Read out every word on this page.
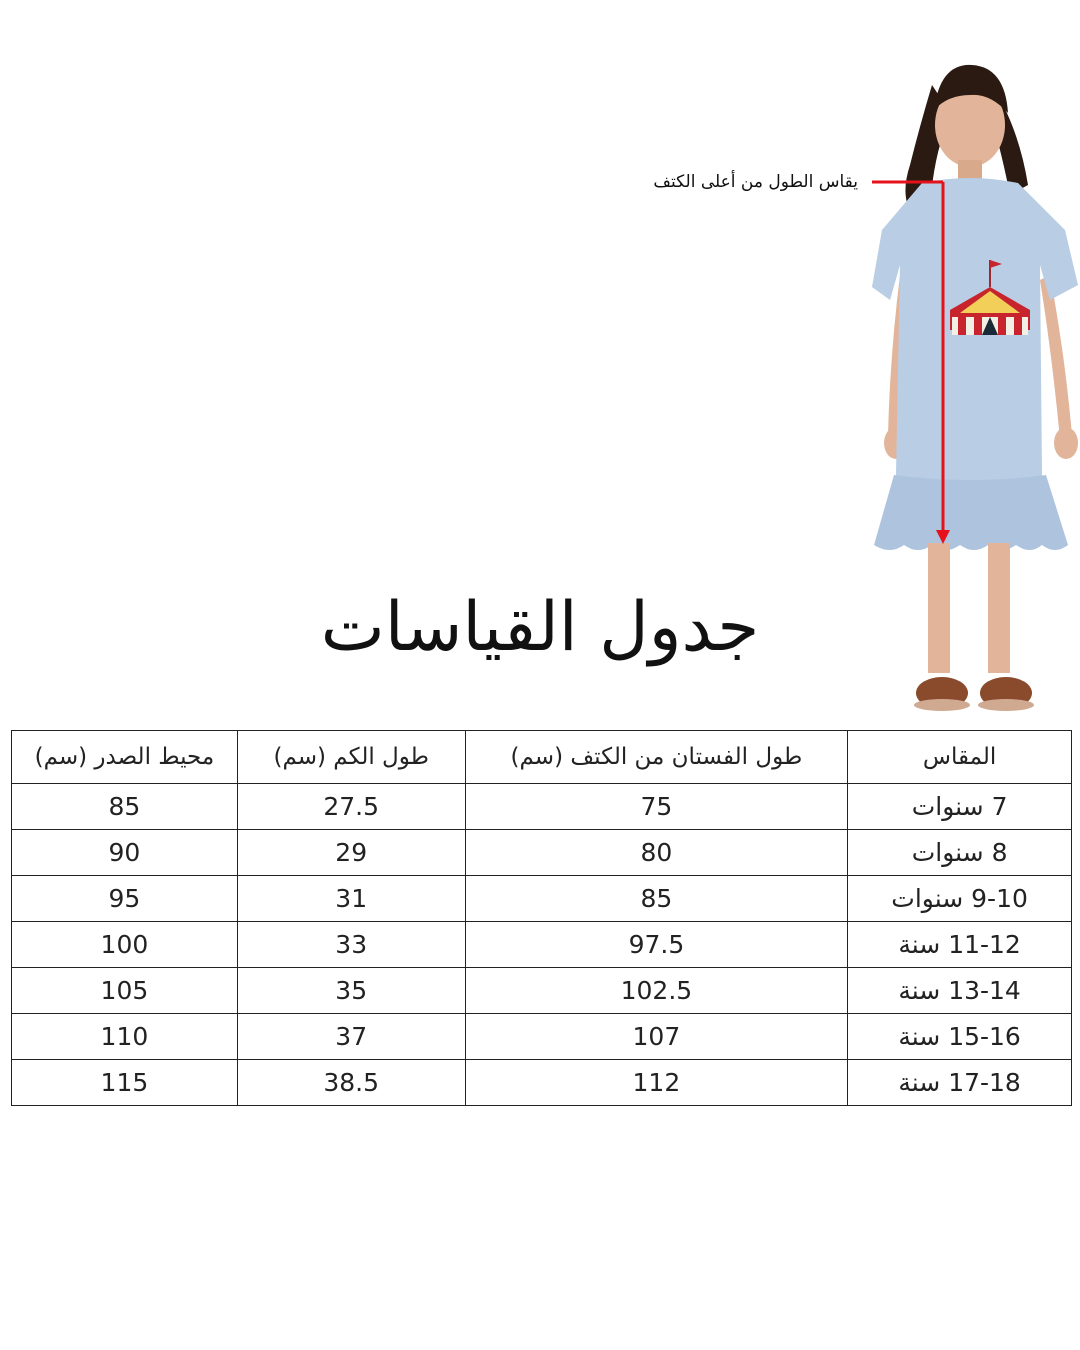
يقاس الطول من أعلى الكتف
جدول القياسات
المقاس	طول الفستان من الكتف (سم)	طول الكم (سم)	محيط الصدر (سم)
7 سنوات	75	27.5	85
8 سنوات	80	29	90
9-10 سنوات	85	31	95
11-12 سنة	97.5	33	100
13-14 سنة	102.5	35	105
15-16 سنة	107	37	110
17-18 سنة	112	38.5	115
